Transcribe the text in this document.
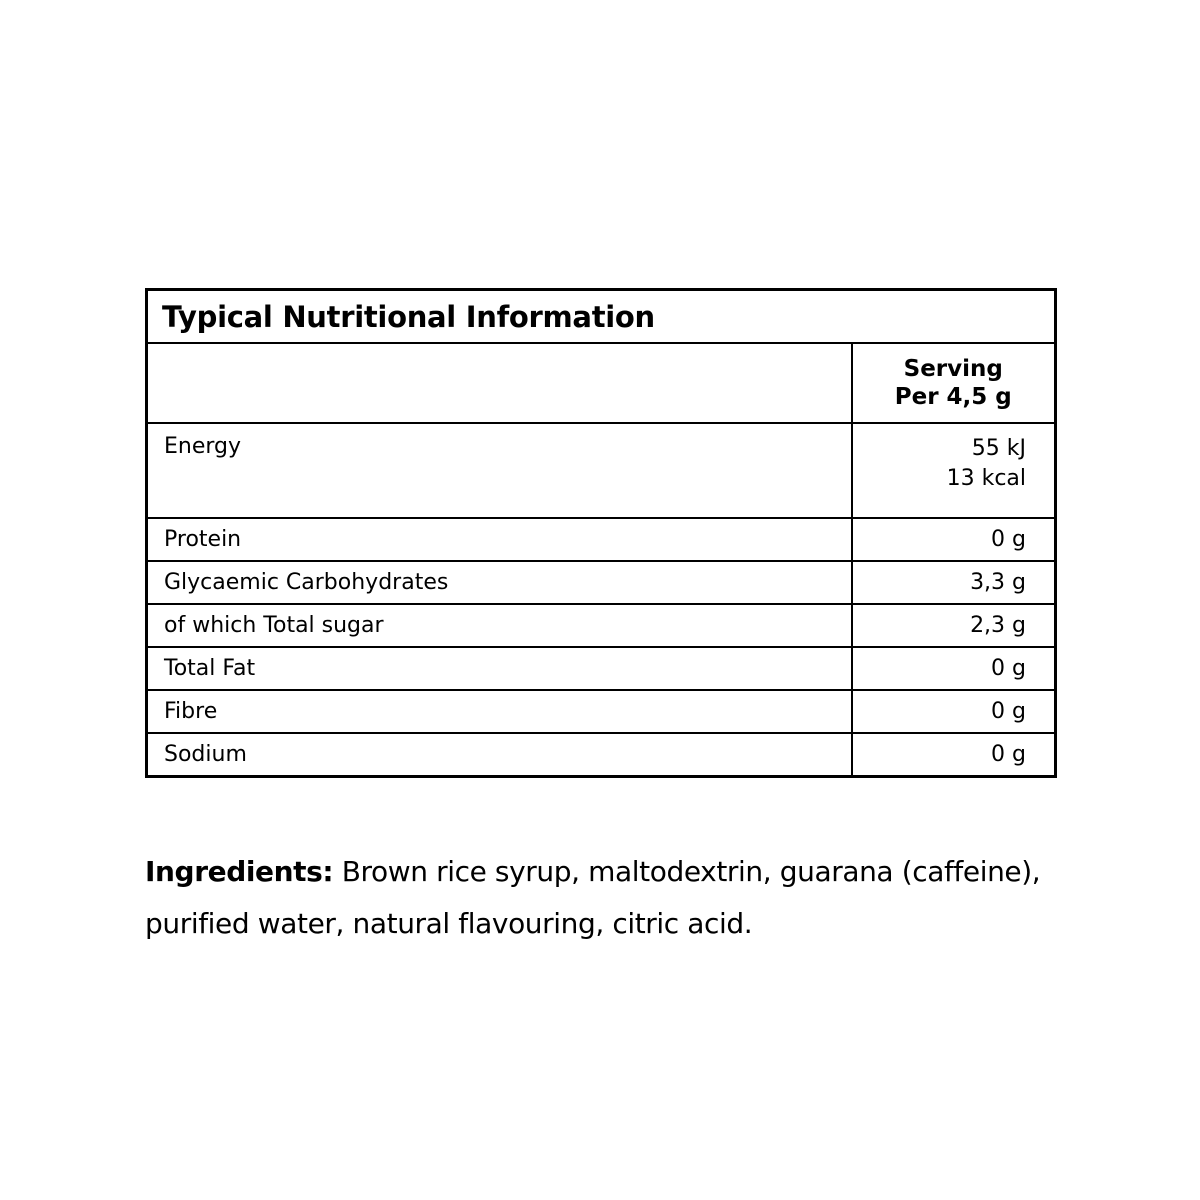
Typical Nutritional Information	

	Serving
Per 4,5 g

Energy	55 kJ
13 kcal

Protein	0 g
Glycaemic Carbohydrates	3,3 g
of which Total sugar	2,3 g
Total Fat	0 g
Fibre	0 g
Sodium	0 g

Ingredients: Brown rice syrup, maltodextrin, guarana (caffeine), purified water, natural flavouring, citric acid.
